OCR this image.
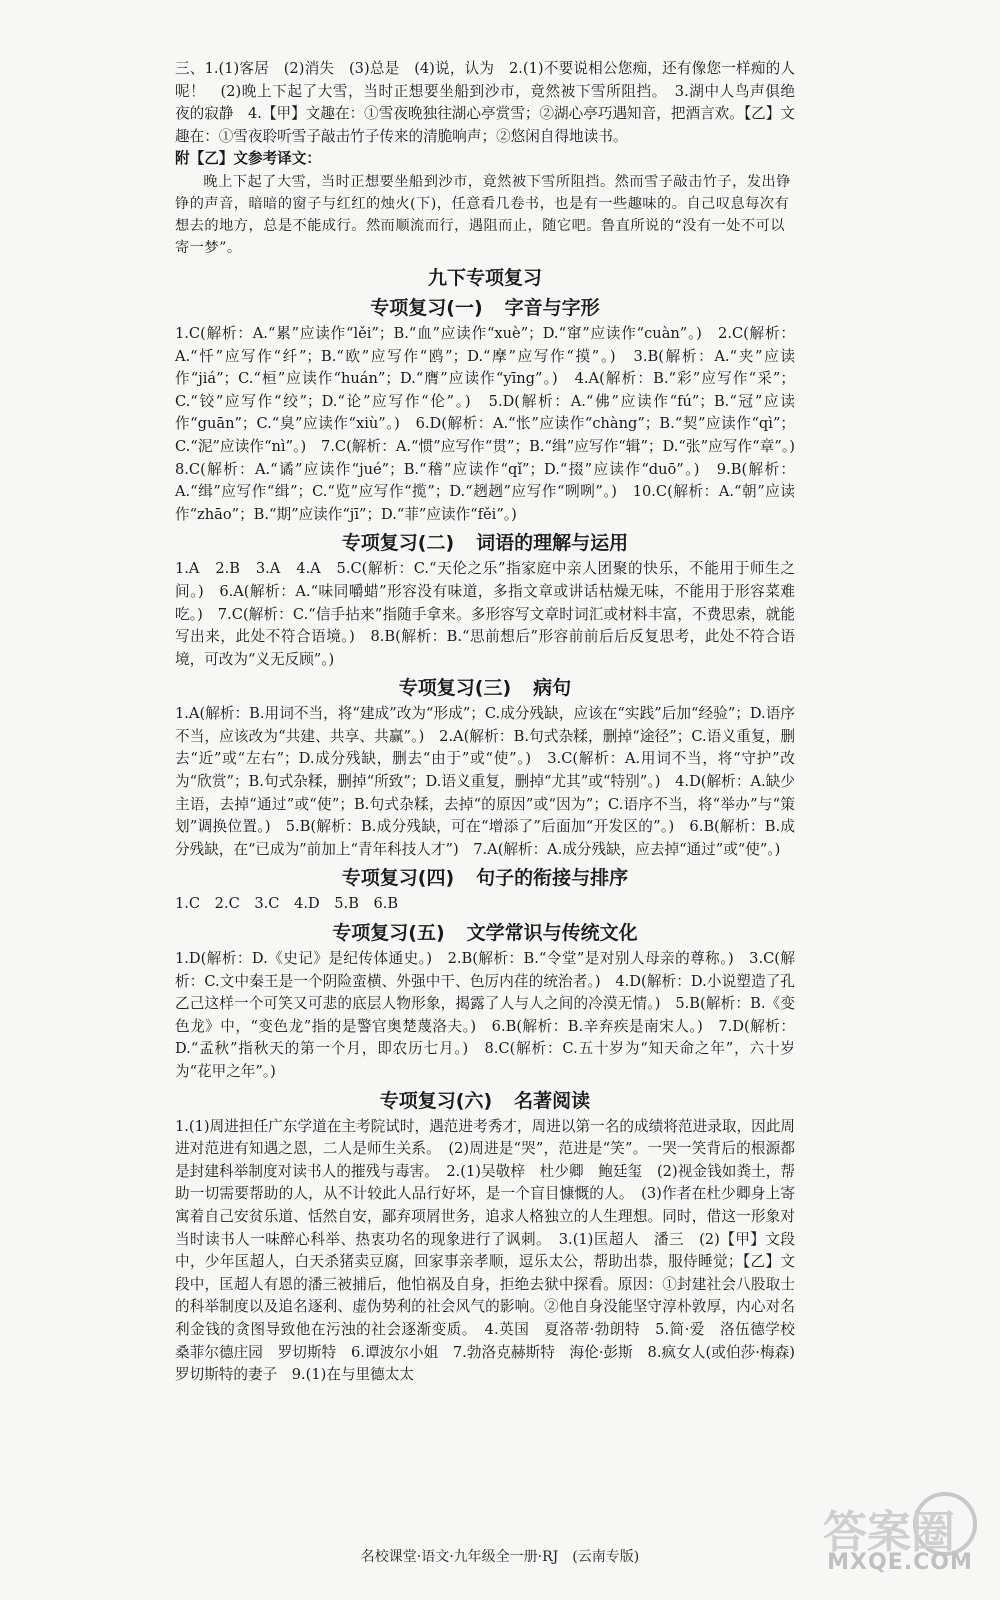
三、1.(1)客居　(2)消失　(3)总是　(4)说，认为　2.(1)不要说相公您痴，还有像您一样痴的人呢！　(2)晚上下起了大雪，当时正想要坐船到沙市，竟然被下雪所阻挡。　3.湖中人鸟声俱绝　夜的寂静　4.【甲】文趣在：①雪夜晚独往湖心亭赏雪；②湖心亭巧遇知音，把酒言欢。【乙】文趣在：①雪夜聆听雪子敲击竹子传来的清脆响声；②悠闲自得地读书。

附【乙】文参考译文：

晚上下起了大雪，当时正想要坐船到沙市，竟然被下雪所阻挡。然而雪子敲击竹子，发出铮铮的声音，暗暗的窗子与红红的烛火(下)，任意看几卷书，也是有一些趣味的。自己叹息每次有想去的地方，总是不能成行。然而顺流而行，遇阻而止，随它吧。鲁直所说的“没有一处不可以寄一梦”。

九下专项复习
专项复习(一) 字音与字形

1.C(解析：A.“累”应读作“lěi”；B.“血”应读作“xuè”；D.“窜”应读作“cuàn”。)　2.C(解析：A.“忏”应写作“纤”；B.“欧”应写作“鸥”；D.“摩”应写作“摸”。)　3.B(解析：A.“夹”应读作“jiá”；C.“桓”应读作“huán”；D.“膺”应读作“yīng”。)　4.A(解析：B.“彩”应写作“采”；C.“铰”应写作“绞”；D.“论”应写作“伦”。)　5.D(解析：A.“佛”应读作“fú”；B.“冠”应读作“guān”；C.“臭”应读作“xiù”。)　6.D(解析：A.“怅”应读作“chàng”；B.“契”应读作“qì”；C.“泥”应读作“nì”。)　7.C(解析：A.“惯”应写作“贯”；B.“缉”应写作“辑”；D.“张”应写作“章”。)　8.C(解析：A.“谲”应读作“jué”；B.“稽”应读作“qǐ”；D.“掇”应读作“duō”。)　9.B(解析：A.“缉”应写作“缉”；C.“览”应写作“揽”；D.“趔趔”应写作“咧咧”。)　10.C(解析：A.“朝”应读作“zhāo”；B.“期”应读作“jī”；D.“菲”应读作“fěi”。)

专项复习(二) 词语的理解与运用

1.A　2.B　3.A　4.A　5.C(解析：C.“天伦之乐”指家庭中亲人团聚的快乐，不能用于师生之间。)　6.A(解析：A.“味同嚼蜡”形容没有味道，多指文章或讲话枯燥无味，不能用于形容菜难吃。)　7.C(解析：C.“信手拈来”指随手拿来。多形容写文章时词汇或材料丰富，不费思索，就能写出来，此处不符合语境。)　8.B(解析：B.“思前想后”形容前前后后反复思考，此处不符合语境，可改为“义无反顾”。)

专项复习(三) 病句

1.A(解析：B.用词不当，将“建成”改为“形成”；C.成分残缺，应该在“实践”后加“经验”；D.语序不当，应该改为“共建、共享、共赢”。)　2.A(解析：B.句式杂糅，删掉“途径”；C.语义重复，删去“近”或“左右”；D.成分残缺，删去“由于”或“使”。)　3.C(解析：A.用词不当，将“守护”改为“欣赏”；B.句式杂糅，删掉“所致”；D.语义重复，删掉“尤其”或“特别”。)　4.D(解析：A.缺少主语，去掉“通过”或“使”；B.句式杂糅，去掉“的原因”或“因为”；C.语序不当，将“举办”与“策划”调换位置。)　5.B(解析：B.成分残缺，可在“增添了”后面加“开发区的”。)　6.B(解析：B.成分残缺，在“已成为”前加上“青年科技人才”)　7.A(解析：A.成分残缺，应去掉“通过”或“使”。)

专项复习(四) 句子的衔接与排序

1.C　2.C　3.C　4.D　5.B　6.B

专项复习(五) 文学常识与传统文化

1.D(解析：D.《史记》是纪传体通史。)　2.B(解析：B.“令堂”是对别人母亲的尊称。)　3.C(解析：C.文中秦王是一个阴险蛮横、外强中干、色厉内荏的统治者。)　4.D(解析：D.小说塑造了孔乙己这样一个可笑又可悲的底层人物形象，揭露了人与人之间的冷漠无情。)　5.B(解析：B.《变色龙》中，“变色龙”指的是警官奥楚蔑洛夫。)　6.B(解析：B.辛弃疾是南宋人。)　7.D(解析：D.“孟秋”指秋天的第一个月，即农历七月。)　8.C(解析：C.五十岁为“知天命之年”，六十岁为“花甲之年”。)

专项复习(六) 名著阅读

1.(1)周进担任广东学道在主考院试时，遇范进考秀才，周进以第一名的成绩将范进录取，因此周进对范进有知遇之恩，二人是师生关系。　(2)周进是“哭”，范进是“笑”。一哭一笑背后的根源都是封建科举制度对读书人的摧残与毒害。　2.(1)吴敬梓　杜少卿　鲍廷玺　(2)视金钱如粪土，帮助一切需要帮助的人，从不计较此人品行好坏，是一个盲目慷慨的人。　(3)作者在杜少卿身上寄寓着自己安贫乐道、恬然自安，鄙弃项屑世务，追求人格独立的人生理想。同时，借这一形象对当时读书人一味醉心科举、热衷功名的现象进行了讽刺。　3.(1)匡超人　潘三　(2)【甲】文段中，少年匡超人，白天杀猪卖豆腐，回家事亲孝顺，逗乐太公，帮助出恭，服侍睡觉；【乙】文段中，匡超人有恩的潘三被捕后，他怕祸及自身，拒绝去狱中探看。原因：①封建社会八股取士的科举制度以及追名逐利、虚伪势利的社会风气的影响。②他自身没能坚守淳朴敦厚，内心对名利金钱的贪图导致他在污浊的社会逐渐变质。　4.英国　夏洛蒂·勃朗特　5.简·爱　洛伍德学校　桑菲尔德庄园　罗切斯特　6.谭波尔小姐　7.勃洛克赫斯特　海伦·彭斯　8.疯女人(或伯莎·梅森)　罗切斯特的妻子　9.(1)在与里德太太

名校课堂·语文·九年级全一册·RJ　(云南专版)	答案圈
MXQE.COM
